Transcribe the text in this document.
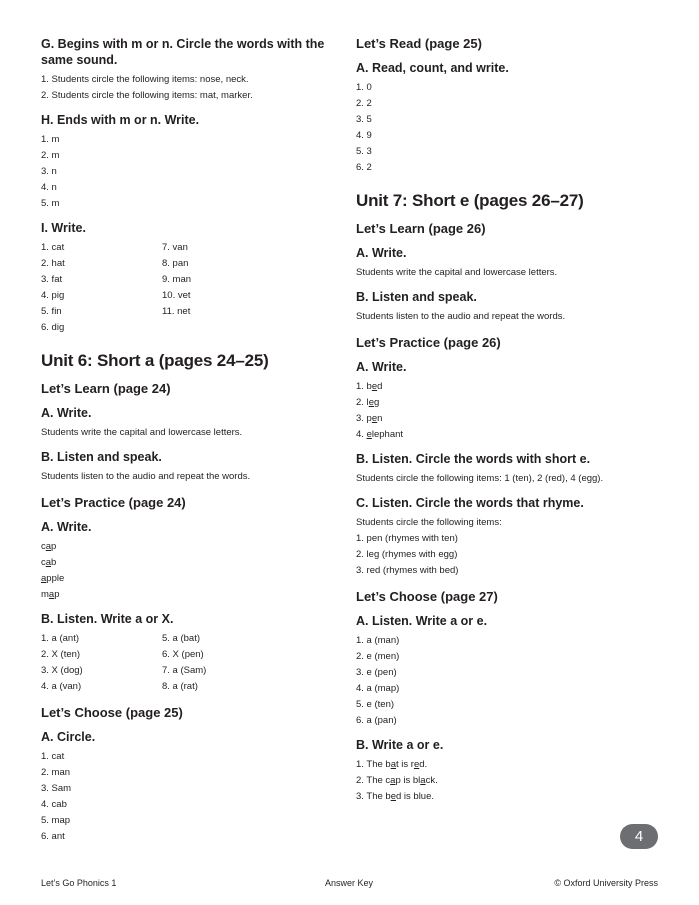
G. Begins with m or n. Circle the words with the same sound.
1. Students circle the following items: nose, neck.
2. Students circle the following items: mat, marker.
H. Ends with m or n. Write.
1. m
2. m
3. n
4. n
5. m
I. Write.
1. cat
2. hat
3. fat
4. pig
5. fin
6. dig
7. van
8. pan
9. man
10. vet
11. net
Unit 6: Short a (pages 24–25)
Let’s Learn (page 24)
A. Write.
Students write the capital and lowercase letters.
B. Listen and speak.
Students listen to the audio and repeat the words.
Let’s Practice (page 24)
A. Write.
cap
cab
apple
map
B. Listen. Write a or X.
1. a (ant)
2. X (ten)
3. X (dog)
4. a (van)
5. a (bat)
6. X (pen)
7. a (Sam)
8. a (rat)
Let’s Choose (page 25)
A. Circle.
1. cat
2. man
3. Sam
4. cab
5. map
6. ant
Let’s Read (page 25)
A. Read, count, and write.
1. 0
2. 2
3. 5
4. 9
5. 3
6. 2
Unit 7: Short e (pages 26–27)
Let’s Learn (page 26)
A. Write.
Students write the capital and lowercase letters.
B. Listen and speak.
Students listen to the audio and repeat the words.
Let’s Practice (page 26)
A. Write.
1. bed
2. leg
3. pen
4. elephant
B. Listen. Circle the words with short e.
Students circle the following items: 1 (ten), 2 (red), 4 (egg).
C. Listen. Circle the words that rhyme.
Students circle the following items:
1. pen (rhymes with ten)
2. leg (rhymes with egg)
3. red (rhymes with bed)
Let’s Choose (page 27)
A. Listen. Write a or e.
1. a (man)
2. e (men)
3. e (pen)
4. a (map)
5. e (ten)
6. a (pan)
B. Write a or e.
1. The bat is red.
2. The cap is black.
3. The bed is blue.
4
Let’s Go Phonics 1	Answer Key	© Oxford University Press
